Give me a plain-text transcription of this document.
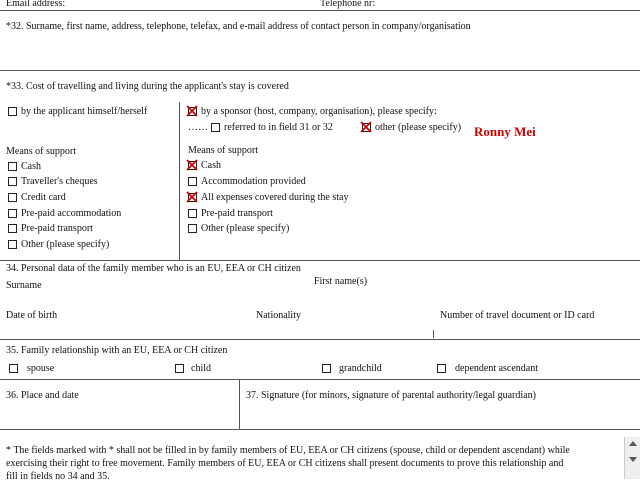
Email address:	Telephone nr:
*32. Surname, first name, address, telephone, telefax, and e-mail address of contact person in company/organisation
*33. Cost of travelling and living during the applicant's stay is covered
by the applicant himself/herself	by a sponsor (host, company, organisation), please specify:
…… referred to in field 31 or 32	other (please specify) Ronny Mei
Means of support
Cash
Traveller's cheques
Credit card
Pre-paid accommodation
Pre-paid transport
Other (please specify)
Means of support
Cash
Accommodation provided
All expenses covered during the stay
Pre-paid transport
Other (please specify)
34. Personal data of the family member who is an EU, EEA or CH citizen
Surname	First name(s)
Date of birth	Nationality	Number of travel document or ID card
35. Family relationship with an EU, EEA or CH citizen
spouse	child	grandchild	dependent ascendant
36. Place and date	37. Signature (for minors, signature of parental authority/legal guardian)
* The fields marked with * shall not be filled in by family members of EU, EEA or CH citizens (spouse, child or dependent ascendant) while
exercising their right to free movement. Family members of EU, EEA or CH citizens shall present documents to prove this relationship and
fill in fields no 34 and 35.
